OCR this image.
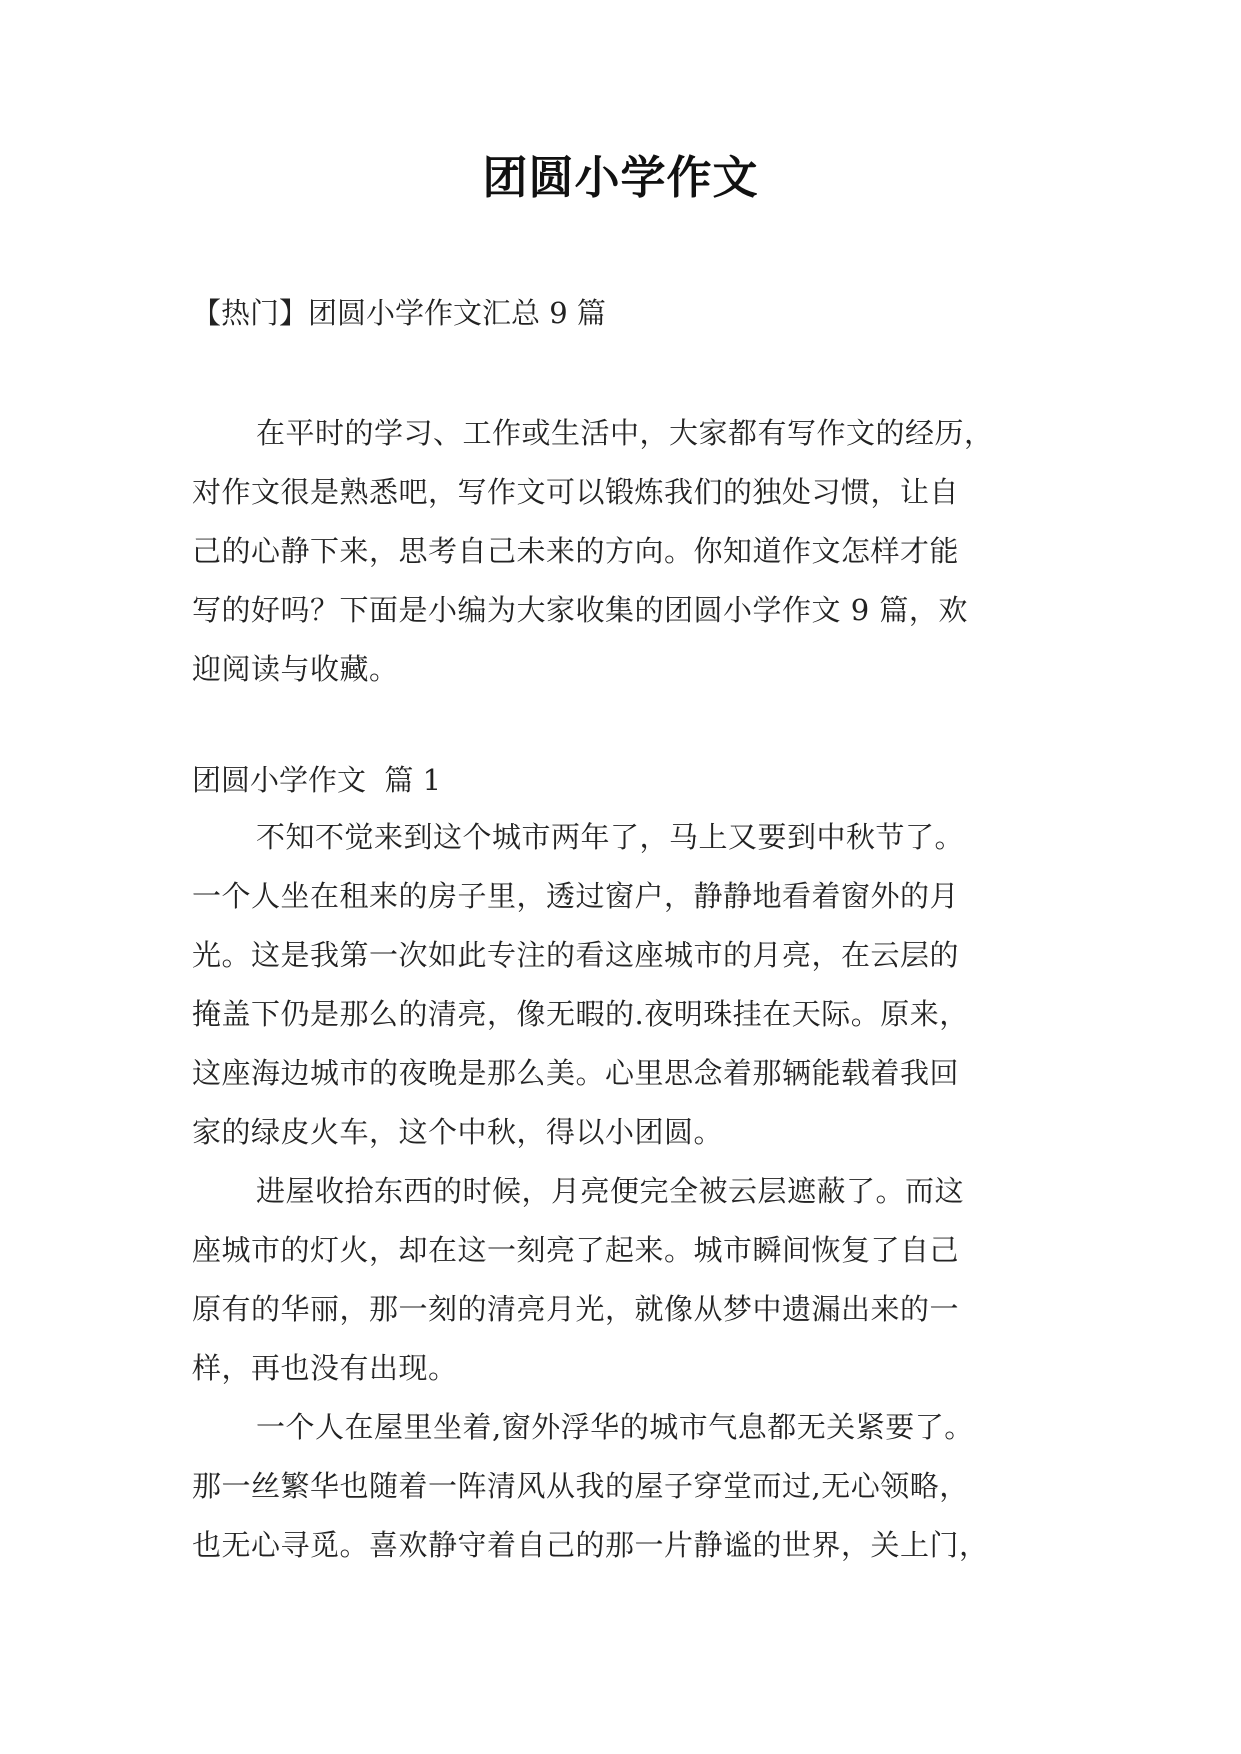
团圆小学作文

【热门】团圆小学作文汇总 9 篇

在平时的学习、工作或生活中，大家都有写作文的经历，
对作文很是熟悉吧，写作文可以锻炼我们的独处习惯，让自
己的心静下来，思考自己未来的方向。你知道作文怎样才能
写的好吗？下面是小编为大家收集的团圆小学作文 9 篇，欢
迎阅读与收藏。

团圆小学作文  篇 1

不知不觉来到这个城市两年了，马上又要到中秋节了。
一个人坐在租来的房子里，透过窗户，静静地看着窗外的月
光。这是我第一次如此专注的看这座城市的月亮，在云层的
掩盖下仍是那么的清亮，像无暇的.夜明珠挂在天际。原来，
这座海边城市的夜晚是那么美。心里思念着那辆能载着我回
家的绿皮火车，这个中秋，得以小团圆。
进屋收拾东西的时候，月亮便完全被云层遮蔽了。而这
座城市的灯火，却在这一刻亮了起来。城市瞬间恢复了自己
原有的华丽，那一刻的清亮月光，就像从梦中遗漏出来的一
样，再也没有出现。
一个人在屋里坐着,窗外浮华的城市气息都无关紧要了。
那一丝繁华也随着一阵清风从我的屋子穿堂而过,无心领略，
也无心寻觅。喜欢静守着自己的那一片静谧的世界，关上门，
